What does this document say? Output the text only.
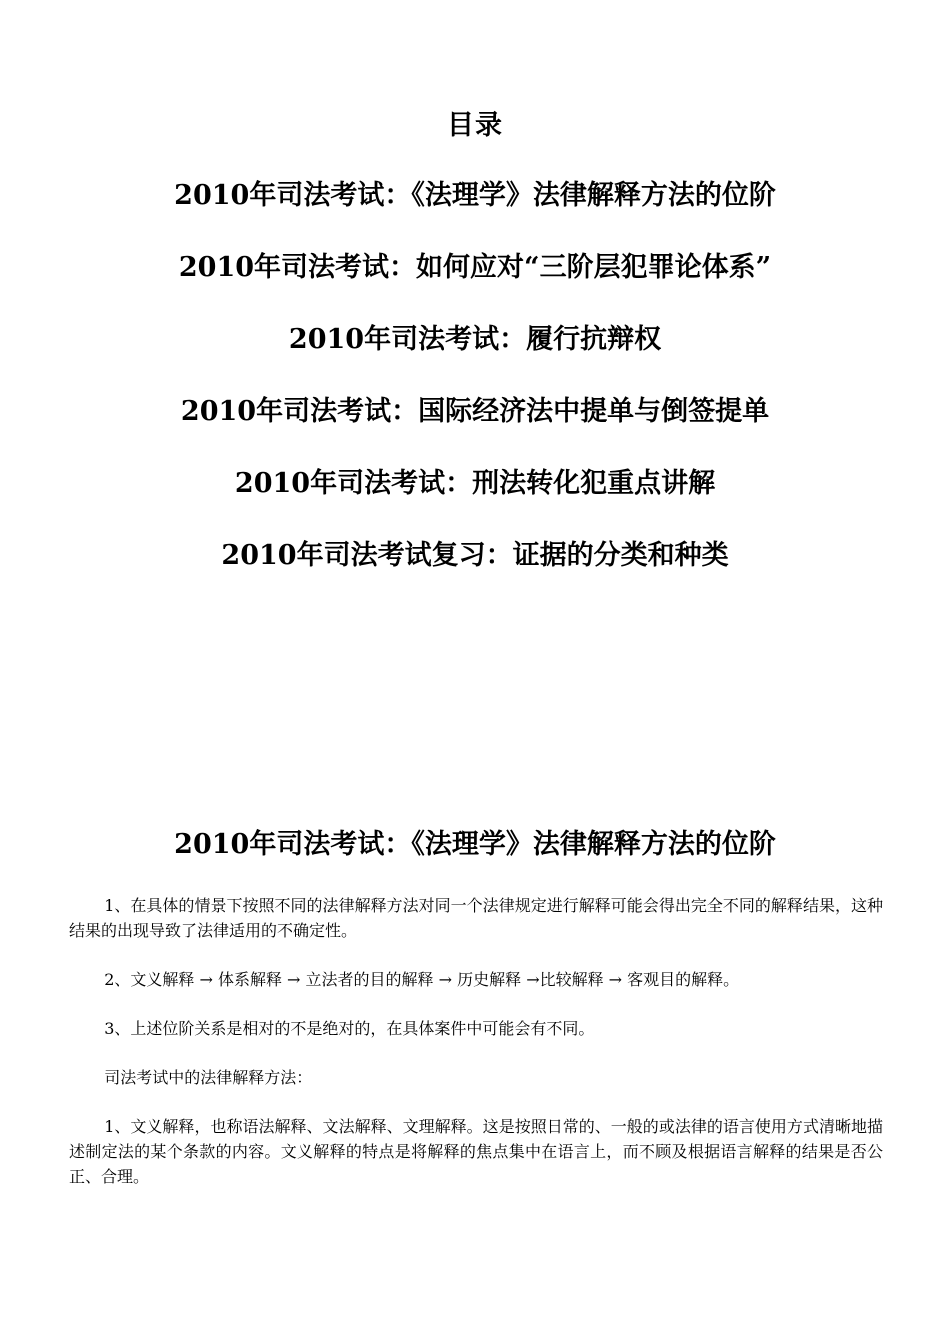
目录
2010年司法考试：《法理学》法律解释方法的位阶
2010年司法考试：如何应对“三阶层犯罪论体系”
2010年司法考试：履行抗辩权
2010年司法考试：国际经济法中提单与倒签提单
2010年司法考试：刑法转化犯重点讲解
2010年司法考试复习：证据的分类和种类
2010年司法考试：《法理学》法律解释方法的位阶

1、在具体的情景下按照不同的法律解释方法对同一个法律规定进行解释可能会得出完全不同的解释结果，这种结果的出现导致了法律适用的不确定性。

2、文义解释 → 体系解释 → 立法者的目的解释 → 历史解释 →比较解释 → 客观目的解释。

3、上述位阶关系是相对的不是绝对的，在具体案件中可能会有不同。

司法考试中的法律解释方法：

1、文义解释，也称语法解释、文法解释、文理解释。这是按照日常的、一般的或法律的语言使用方式清晰地描述制定法的某个条款的内容。文义解释的特点是将解释的焦点集中在语言上，而不顾及根据语言解释的结果是否公正、合理。
